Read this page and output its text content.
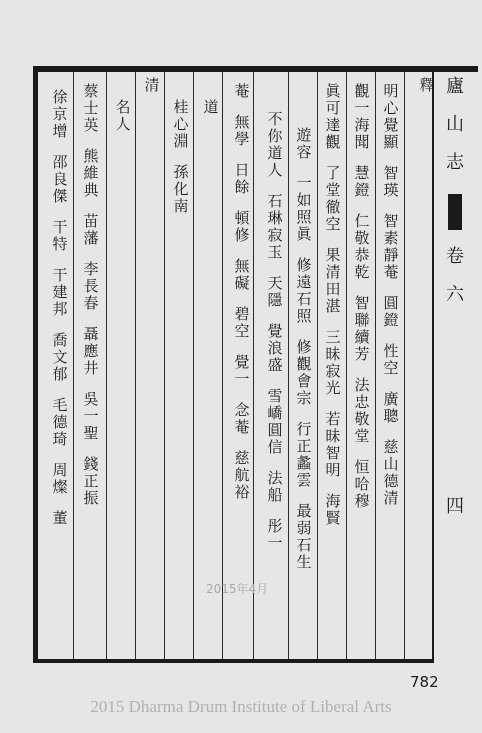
廬
山
志
卷
六
四
釋
明
心
覺
顯
智
瑛
智
素
靜
菴
圓
鐙
性
空
廣
聰
慈
山
德
清
觀
一
海
聞
慧
鐙
仁
敬
恭
乾
智
聯
續
芳
法
忠
敬
堂
恒
哈
穆
眞
可
達
觀
了
堂
徹
空
果
清
田
湛
三
昧
寂
光
若
昧
智
明
海
賢
遊
容
一
如
照
眞
修
遠
石
照
修
觀
會
宗
行
正
蠡
雲
最
弱
石
生
不
你
道
人
石
琳
寂
玉
天
隱
覺
浪
盛
雪
嶠
圓
信
法
船
彤
一
菴
無
學
日
餘
頓
修
無
礙
碧
空
覺
一
念
菴
慈
航
裕
道
桂
心
淵
孫
化
南
清
名
人
蔡
士
英
熊
維
典
苗
藩
李
長
春
聶
應
井
吳
一
聖
錢
正
振
徐
京
增
邵
良
傑
干
特
干
建
邦
喬
文
郁
毛
德
琦
周
燦
董
2015年4月
782
2015 Dharma Drum Institute of Liberal Arts
